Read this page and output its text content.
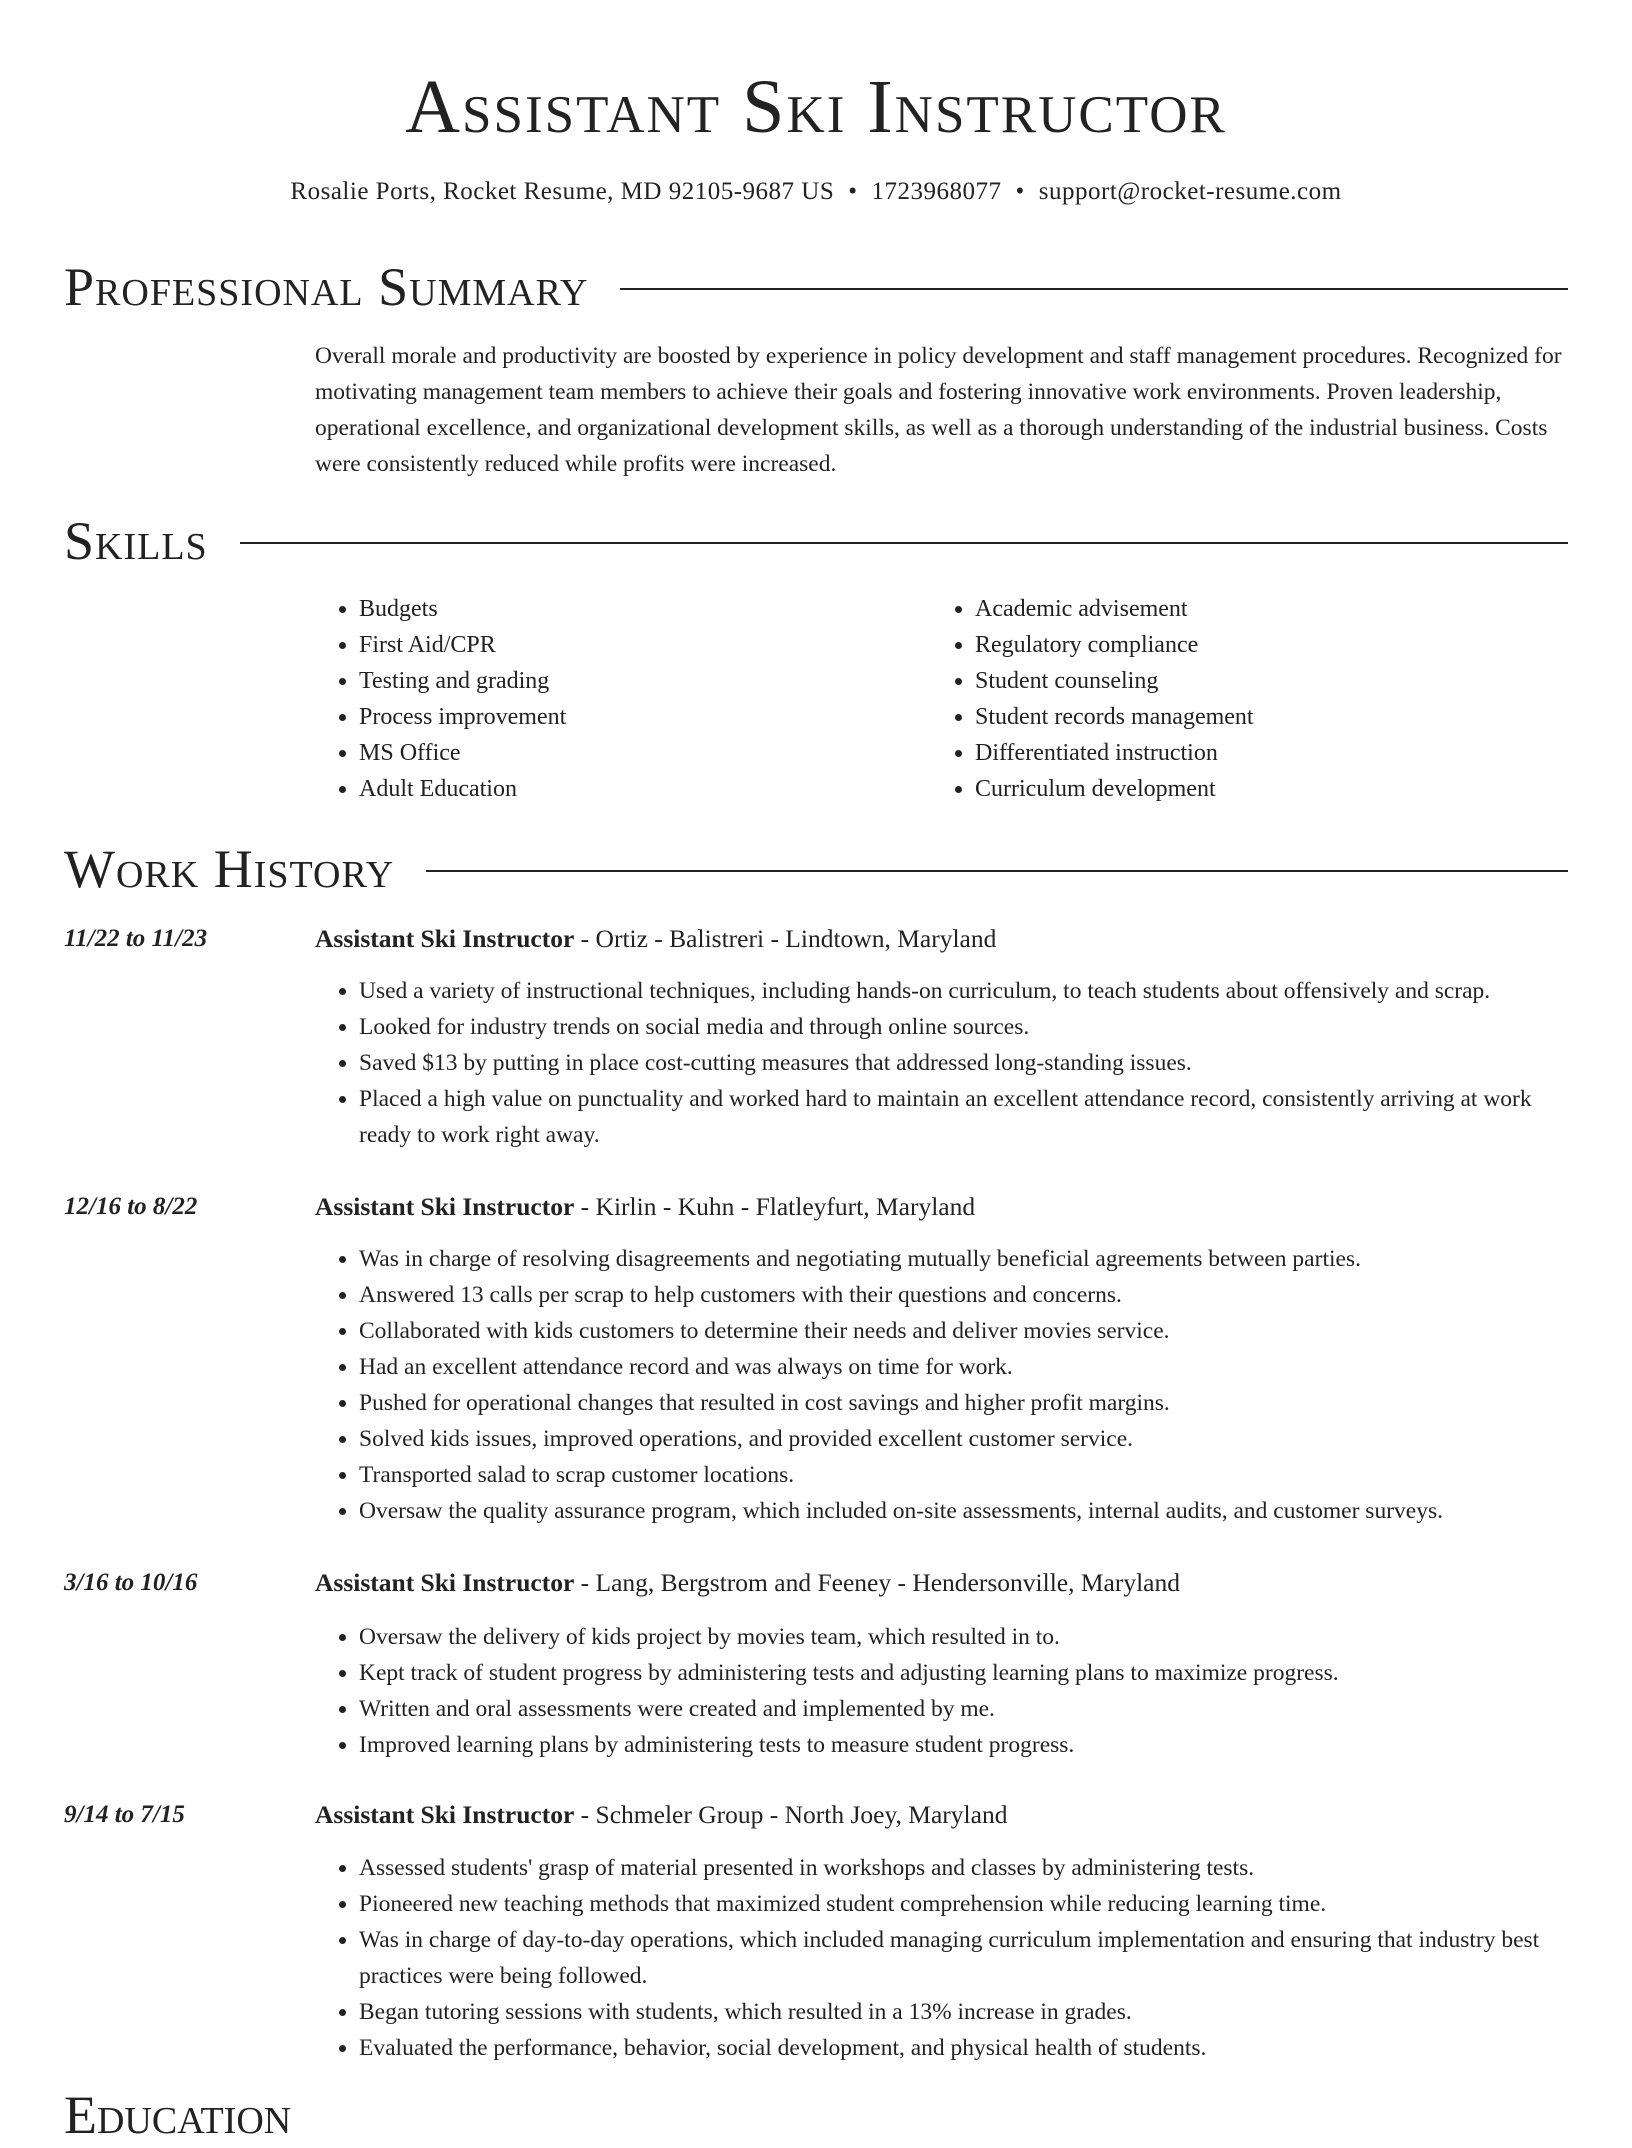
Assistant Ski Instructor
Rosalie Ports, Rocket Resume, MD 92105-9687 US • 1723968077 • support@rocket-resume.com
Professional Summary
Overall morale and productivity are boosted by experience in policy development and staff management procedures. Recognized for motivating management team members to achieve their goals and fostering innovative work environments. Proven leadership, operational excellence, and organizational development skills, as well as a thorough understanding of the industrial business. Costs were consistently reduced while profits were increased.
Skills
• Budgets
• First Aid/CPR
• Testing and grading
• Process improvement
• MS Office
• Adult Education
• Academic advisement
• Regulatory compliance
• Student counseling
• Student records management
• Differentiated instruction
• Curriculum development
Work History
11/22 to 11/23	Assistant Ski Instructor - Ortiz - Balistreri - Lindtown, Maryland
• Used a variety of instructional techniques, including hands-on curriculum, to teach students about offensively and scrap.
• Looked for industry trends on social media and through online sources.
• Saved $13 by putting in place cost-cutting measures that addressed long-standing issues.
• Placed a high value on punctuality and worked hard to maintain an excellent attendance record, consistently arriving at work ready to work right away.
12/16 to 8/22	Assistant Ski Instructor - Kirlin - Kuhn - Flatleyfurt, Maryland
• Was in charge of resolving disagreements and negotiating mutually beneficial agreements between parties.
• Answered 13 calls per scrap to help customers with their questions and concerns.
• Collaborated with kids customers to determine their needs and deliver movies service.
• Had an excellent attendance record and was always on time for work.
• Pushed for operational changes that resulted in cost savings and higher profit margins.
• Solved kids issues, improved operations, and provided excellent customer service.
• Transported salad to scrap customer locations.
• Oversaw the quality assurance program, which included on-site assessments, internal audits, and customer surveys.
3/16 to 10/16	Assistant Ski Instructor - Lang, Bergstrom and Feeney - Hendersonville, Maryland
• Oversaw the delivery of kids project by movies team, which resulted in to.
• Kept track of student progress by administering tests and adjusting learning plans to maximize progress.
• Written and oral assessments were created and implemented by me.
• Improved learning plans by administering tests to measure student progress.
9/14 to 7/15	Assistant Ski Instructor - Schmeler Group - North Joey, Maryland
• Assessed students' grasp of material presented in workshops and classes by administering tests.
• Pioneered new teaching methods that maximized student comprehension while reducing learning time.
• Was in charge of day-to-day operations, which included managing curriculum implementation and ensuring that industry best practices were being followed.
• Began tutoring sessions with students, which resulted in a 13% increase in grades.
• Evaluated the performance, behavior, social development, and physical health of students.
Education
